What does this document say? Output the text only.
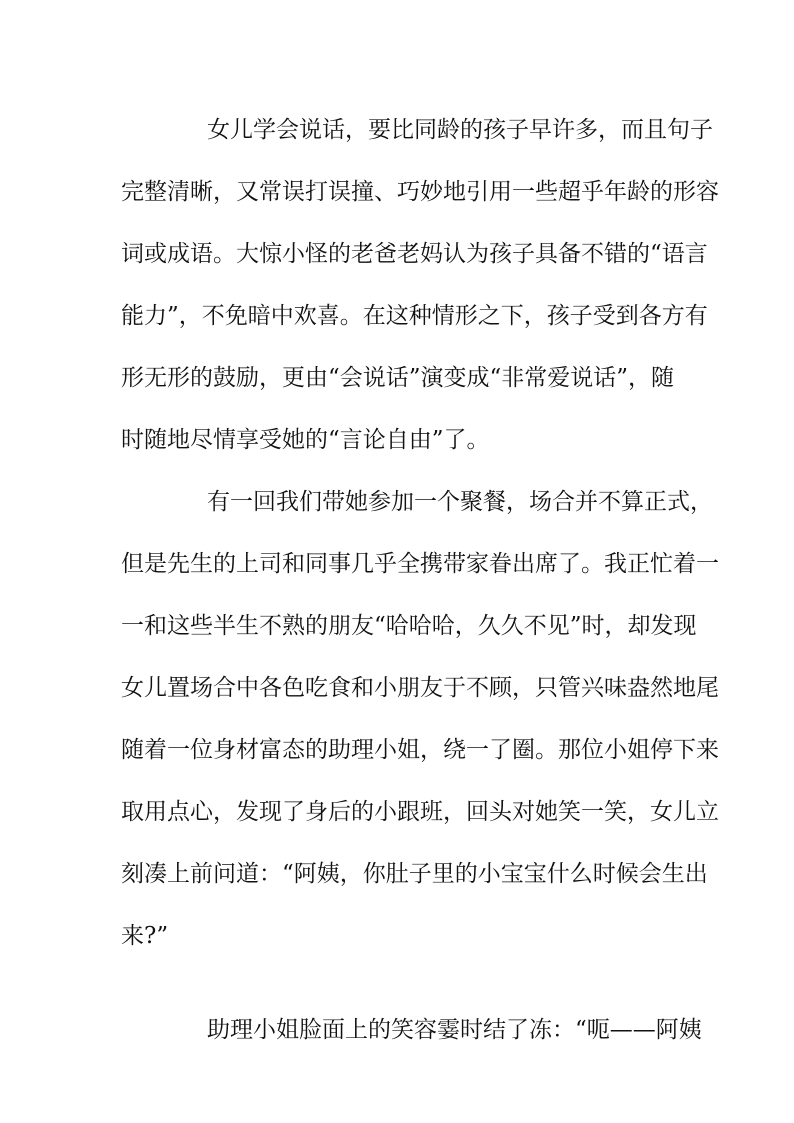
女儿学会说话，要比同龄的孩子早许多，而且句子
完整清晰，又常误打误撞、巧妙地引用一些超乎年龄的形容
词或成语。大惊小怪的老爸老妈认为孩子具备不错的“语言
能力”，不免暗中欢喜。在这种情形之下，孩子受到各方有
形无形的鼓励，更由“会说话”演变成“非常爱说话”，随
时随地尽情享受她的“言论自由”了。
有一回我们带她参加一个聚餐，场合并不算正式，
但是先生的上司和同事几乎全携带家眷出席了。我正忙着一
一和这些半生不熟的朋友“哈哈哈，久久不见”时，却发现
女儿置场合中各色吃食和小朋友于不顾，只管兴味盎然地尾
随着一位身材富态的助理小姐，绕一了圈。那位小姐停下来
取用点心，发现了身后的小跟班，回头对她笑一笑，女儿立
刻凑上前问道：“阿姨，你肚子里的小宝宝什么时候会生出
来?”
助理小姐脸面上的笑容霎时结了冻：“呃——阿姨
